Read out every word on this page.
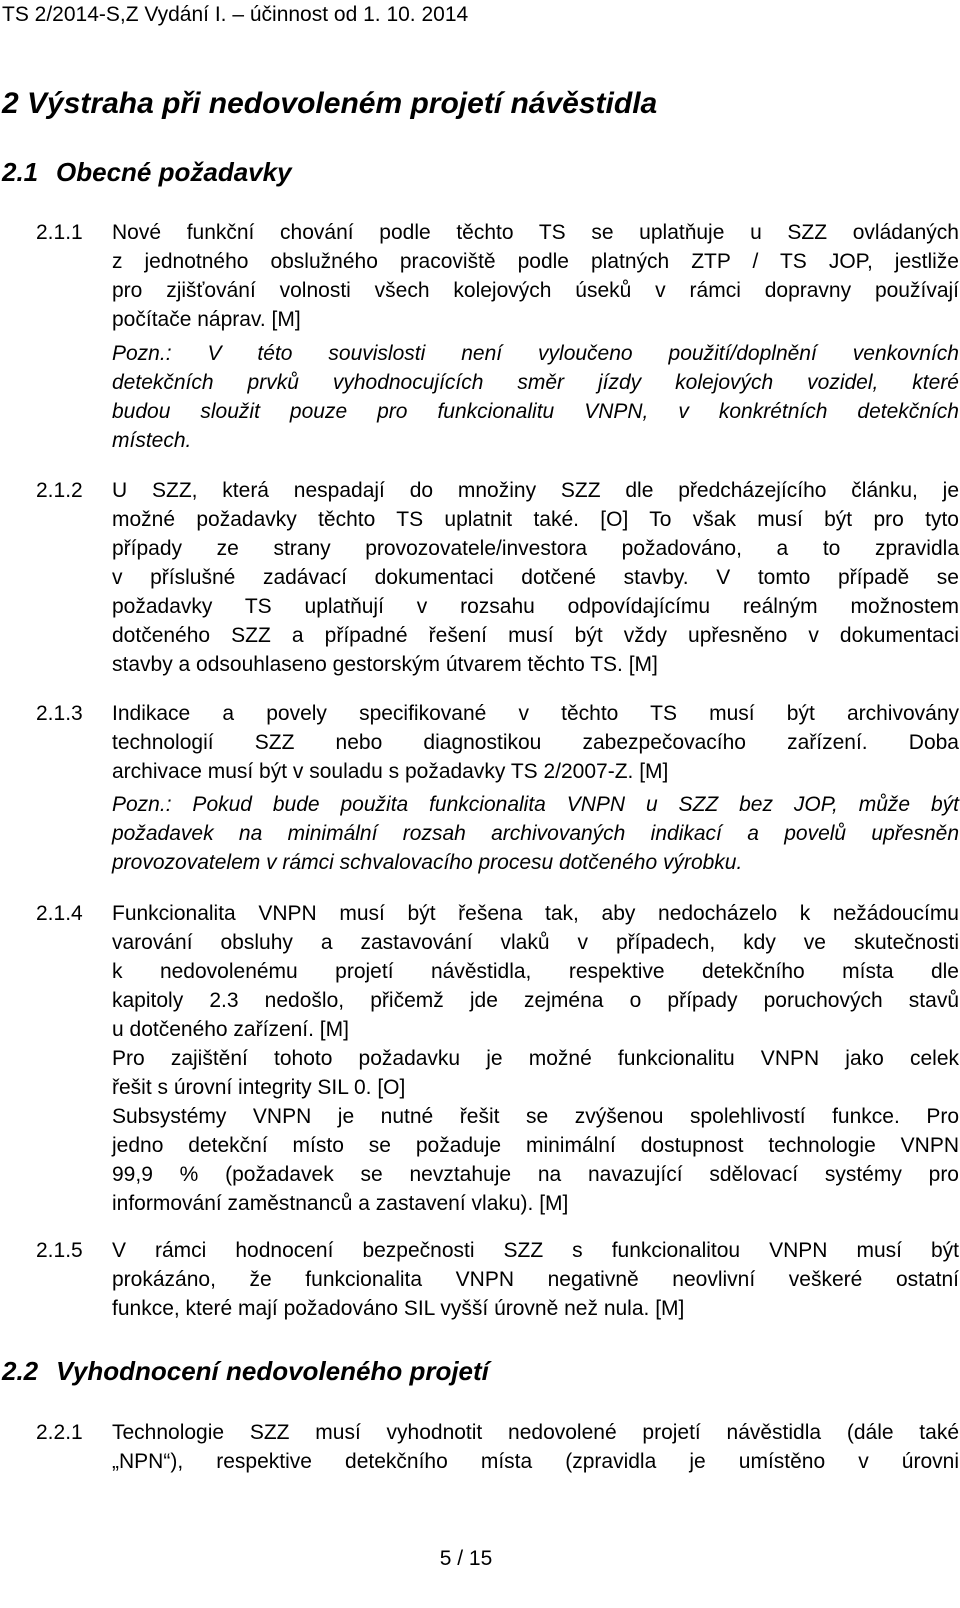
TS 2/2014-S,Z Vydání I. – účinnost od 1. 10. 2014
2 Výstraha při nedovoleném projetí návěstidla
2.1 Obecné požadavky
2.1.1 Nové funkční chování podle těchto TS se uplatňuje u SZZ ovládaných
z jednotného obslužného pracoviště podle platných ZTP / TS JOP, jestliže
pro zjišťování volnosti všech kolejových úseků v rámci dopravny používají
počítače náprav. [M]
Pozn.: V této souvislosti není vyloučeno použití/doplnění venkovních
detekčních prvků vyhodnocujících směr jízdy kolejových vozidel, které
budou sloužit pouze pro funkcionalitu VNPN, v konkrétních detekčních
místech.
2.1.2 U SZZ, která nespadají do množiny SZZ dle předcházejícího článku, je
možné požadavky těchto TS uplatnit také. [O] To však musí být pro tyto
případy ze strany provozovatele/investora požadováno, a to zpravidla
v příslušné zadávací dokumentaci dotčené stavby. V tomto případě se
požadavky TS uplatňují v rozsahu odpovídajícímu reálným možnostem
dotčeného SZZ a případné řešení musí být vždy upřesněno v dokumentaci
stavby a odsouhlaseno gestorským útvarem těchto TS. [M]
2.1.3 Indikace a povely specifikované v těchto TS musí být archivovány
technologií SZZ nebo diagnostikou zabezpečovacího zařízení. Doba
archivace musí být v souladu s požadavky TS 2/2007-Z. [M]
Pozn.: Pokud bude použita funkcionalita VNPN u SZZ bez JOP, může být
požadavek na minimální rozsah archivovaných indikací a povelů upřesněn
provozovatelem v rámci schvalovacího procesu dotčeného výrobku.
2.1.4 Funkcionalita VNPN musí být řešena tak, aby nedocházelo k nežádoucímu
varování obsluhy a zastavování vlaků v případech, kdy ve skutečnosti
k nedovolenému projetí návěstidla, respektive detekčního místa dle
kapitoly 2.3 nedošlo, přičemž jde zejména o případy poruchových stavů
u dotčeného zařízení. [M]
Pro zajištění tohoto požadavku je možné funkcionalitu VNPN jako celek
řešit s úrovní integrity SIL 0. [O]
Subsystémy VNPN je nutné řešit se zvýšenou spolehlivostí funkce. Pro
jedno detekční místo se požaduje minimální dostupnost technologie VNPN
99,9 % (požadavek se nevztahuje na navazující sdělovací systémy pro
informování zaměstnanců a zastavení vlaku). [M]
2.1.5 V rámci hodnocení bezpečnosti SZZ s funkcionalitou VNPN musí být
prokázáno, že funkcionalita VNPN negativně neovlivní veškeré ostatní
funkce, které mají požadováno SIL vyšší úrovně než nula. [M]
2.2 Vyhodnocení nedovoleného projetí
2.2.1 Technologie SZZ musí vyhodnotit nedovolené projetí návěstidla (dále také
„NPN“), respektive detekčního místa (zpravidla je umístěno v úrovni
5 / 15
